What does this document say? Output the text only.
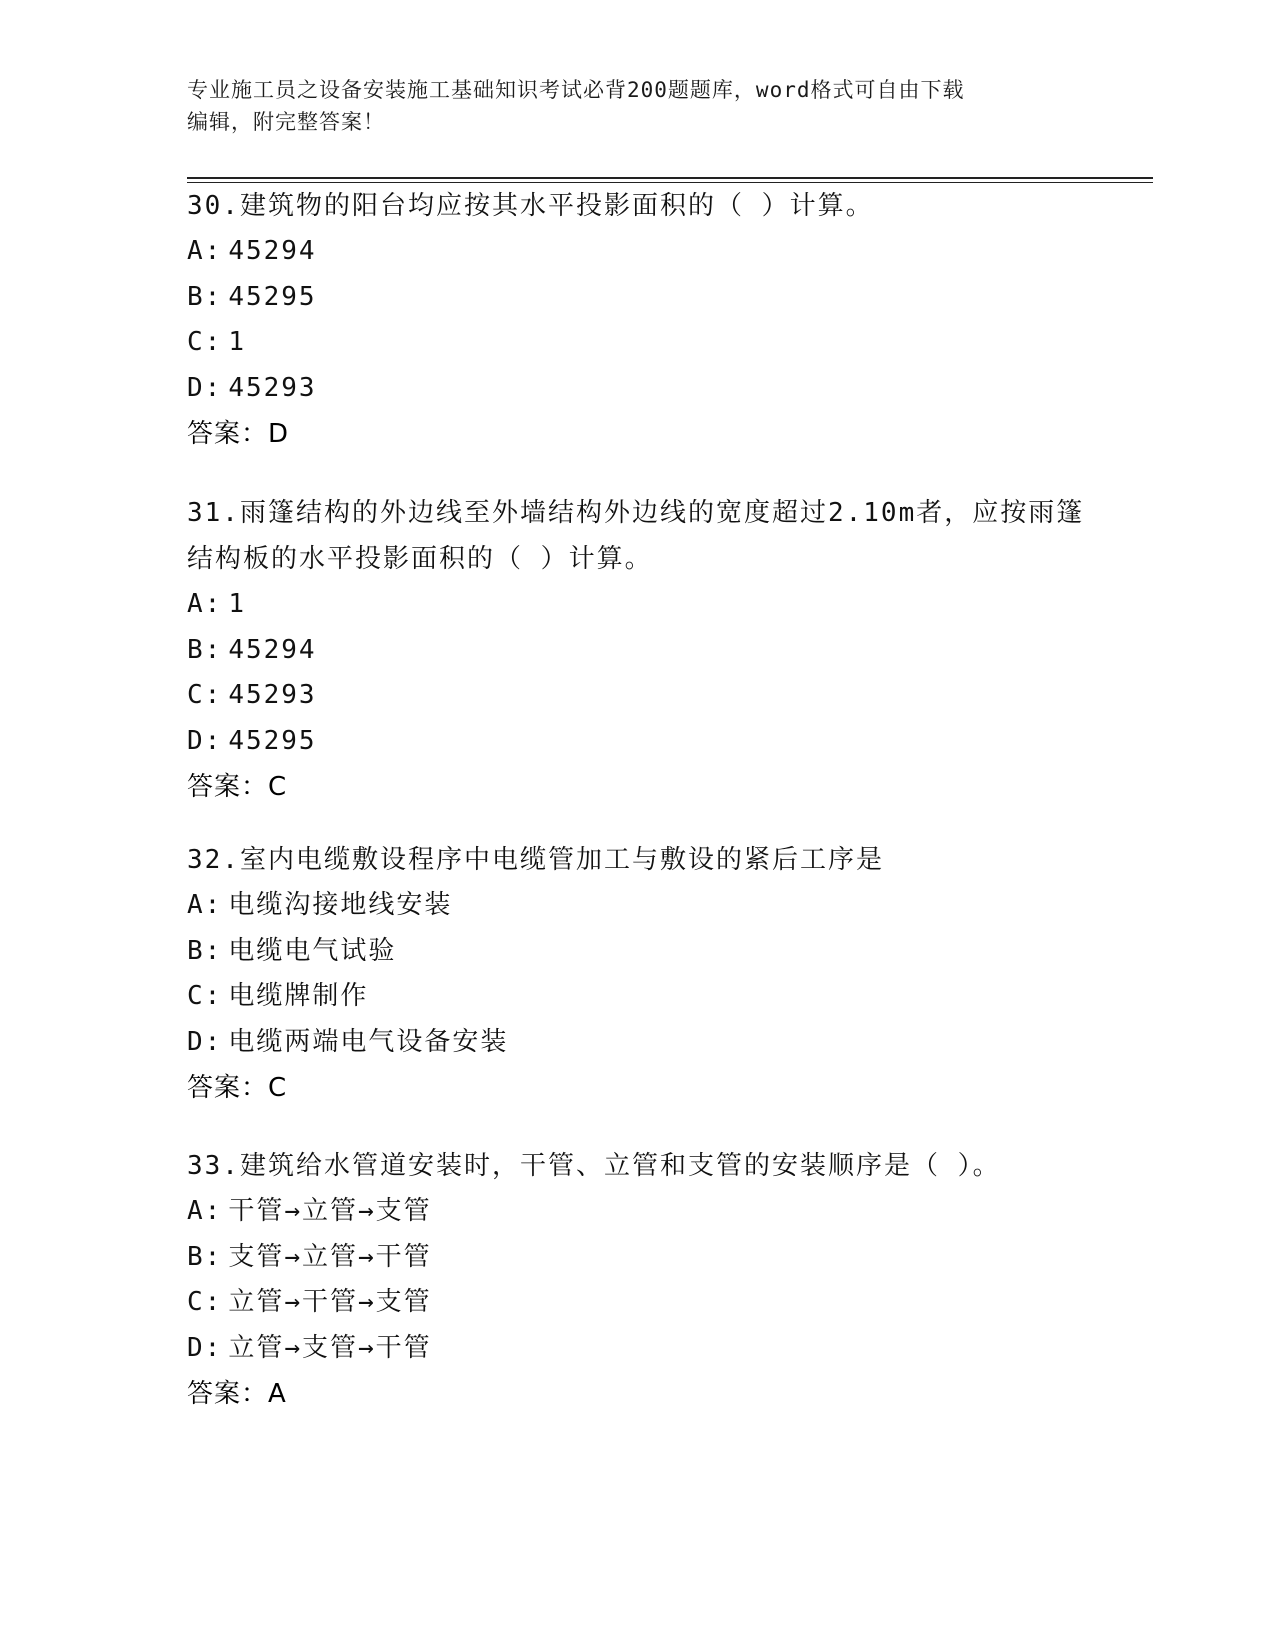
专业施工员之设备安装施工基础知识考试必背200题题库，word格式可自由下载
编辑，附完整答案！

30.建筑物的阳台均应按其水平投影面积的（ ）计算。

A: 45294
B: 45295
C: 1
D: 45293
答案：D

31.雨篷结构的外边线至外墙结构外边线的宽度超过2.10m者，应按雨篷结构板的水平投影面积的（ ）计算。

A: 1
B: 45294
C: 45293
D: 45295
答案：C

32.室内电缆敷设程序中电缆管加工与敷设的紧后工序是

A: 电缆沟接地线安装
B: 电缆电气试验
C: 电缆牌制作
D: 电缆两端电气设备安装
答案：C

33.建筑给水管道安装时，干管、立管和支管的安装顺序是（ ）。

A: 干管→立管→支管
B: 支管→立管→干管
C: 立管→干管→支管
D: 立管→支管→干管
答案：A
